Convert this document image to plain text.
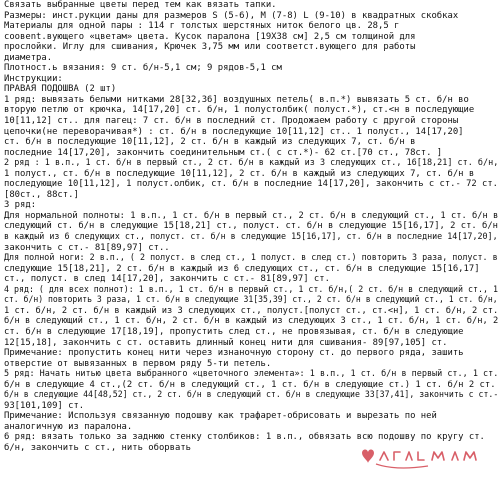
Связать выбранные цветы перед тем как вязать тапки.
Размеры: инст.рукции даны для размеров S (5-6), M (7-8) L (9-10) в квадратных скобках
Материалы для одной пары : 114 г толстых шерстяных ниток белого цв. 28,5 г
соовеnt.вующего «цветам» цвета. Кусок паралона [19Х38 см] 2,5 см толщиной для
прослойки. Иглу для сшивания, Крючек 3,75 мм или соответст.вующего для работы
диаметра.
Плотност.ь вязания: 9 ст. б/н-5,1 см; 9 рядов-5,1 см
Инструкции:
ПРАВАЯ ПОДОШВА (2 шт)
1 ряд: вывязать белыми нитками 28[32,36] воздушных петель( в.п.*) вывязать 5 ст. б/н во
вторую петлю от крючка, 14[17,20] ст. б/н, 1 полустолбик( полуст.*), ст.<н в последующие
10[11,12] ст.. для пагец: 7 ст. б/н в последний ст. Продожаем работу с другой стороны
цепочки(не переворачивая*) : ст. б/н в последующие 10[11,12] ст.. 1 полуст., 14[17,20]
ст. б/н в последующие 10[11,12], 2 ст. б/н в каждый из следующих 7, ст. б/н в
последние 14[17,20], закончить соединительным ст.( с ст.*)- 62 ст.[70 ст., 78ст. ]
2 ряд : 1 в.п., 1 ст. б/н в первый ст., 2 ст. б/н в каждый из 3 следующих ст., 16[18,21] ст. б/н,
1 полуст., ст. б/н в последующие 10[11,12], 2 ст. б/н в каждый из следующих 7, ст. б/н в
последующие 10[11,12], 1 полуст.олбик, ст. б/н в последние 14[17,20], закончить с ст.- 72 ст.
[80ст., 88ст.]
3 ряд:
Для нормальной полноты: 1 в.п., 1 ст. б/н в первый ст., 2 ст. б/н в следующий ст., 1 ст. б/н в
следующий ст. б/н в следующие 15[18,21] ст., полуст. ст. б/н в следующие 15[16,17], 2 ст. б/н
в каждый из 6 следующих ст., полуст. ст. б/н в следующие 15[16,17], ст. б/н в последние 14[17,20],
закончить с ст.- 81[89,97] ст..
Для полной ноги: 2 в.п., ( 2 полуст. в след ст., 1 полуст. в след ст.) повторить 3 раза, полуст. в
следующие 15[18,21], 2 ст. б/н в каждый из 6 следующих ст., ст. б/н в следующие 15[16,17]
ст., полуст. в след 14[17,20], закончить с ст.- 81[89,97] ст.
4 ряд: ( для всех полнот): 1 в.п., 1 ст. б/н в первый ст., 1 ст. б/н,( 2 ст. б/н в следующий ст., 1
ст. б/н) повторить 3 раза, 1 ст. б/н в следующие 31[35,39] ст., 2 ст. б/н в следующий ст., 1 ст. б/н,
1 ст. б/н, 2 ст. б/н в каждый из 3 следующих ст., полуст.[полуст ст., ст.<н], 1 ст. б/н, 2 ст.
б/н в следующий ст., 1 ст. б/н, 2 ст. б/н в каждый из следующих 3 ст., 1 ст. б/н, 1 ст. б/н, 2
ст. б/н в следующие 17[18,19], пропустить след ст., не провязывая, ст. б/н в следующие
12[15,18], закончить с ст. оставить длинный конец нити для сшивания- 89[97,105] ст.
Примечание: пропустить конец нити через изнаночную сторону ст. до первого ряда, зашить
отверстие от вывязанных в первом ряду 5-ти петель.
5 ряд: Начать нитью цвета выбранного «цветочного элемента»: 1 в.п., 1 ст. б/н в первый ст., 1 ст.
б/н в следующие 4 ст.,(2 ст. б/н в следующий ст., 1 ст. б/н в следующие ст.) 1 ст. б/н 2 ст.
б/н в следующие 44[48,52] ст., 2 ст. б/н в следующий ст. б/н в следующие 33[37,41], закончить с ст.-
93[101,109] ст.
Примечание: Используя связанную подошву как трафарет-обрисовать и вырезать по ней
аналогичную из паралона.
6 ряд: вязать только за заднюю стенку столбиков: 1 в.п., обвязать всю подошву по кругу ст.
б/н, закончить с ст., нить оборвать
